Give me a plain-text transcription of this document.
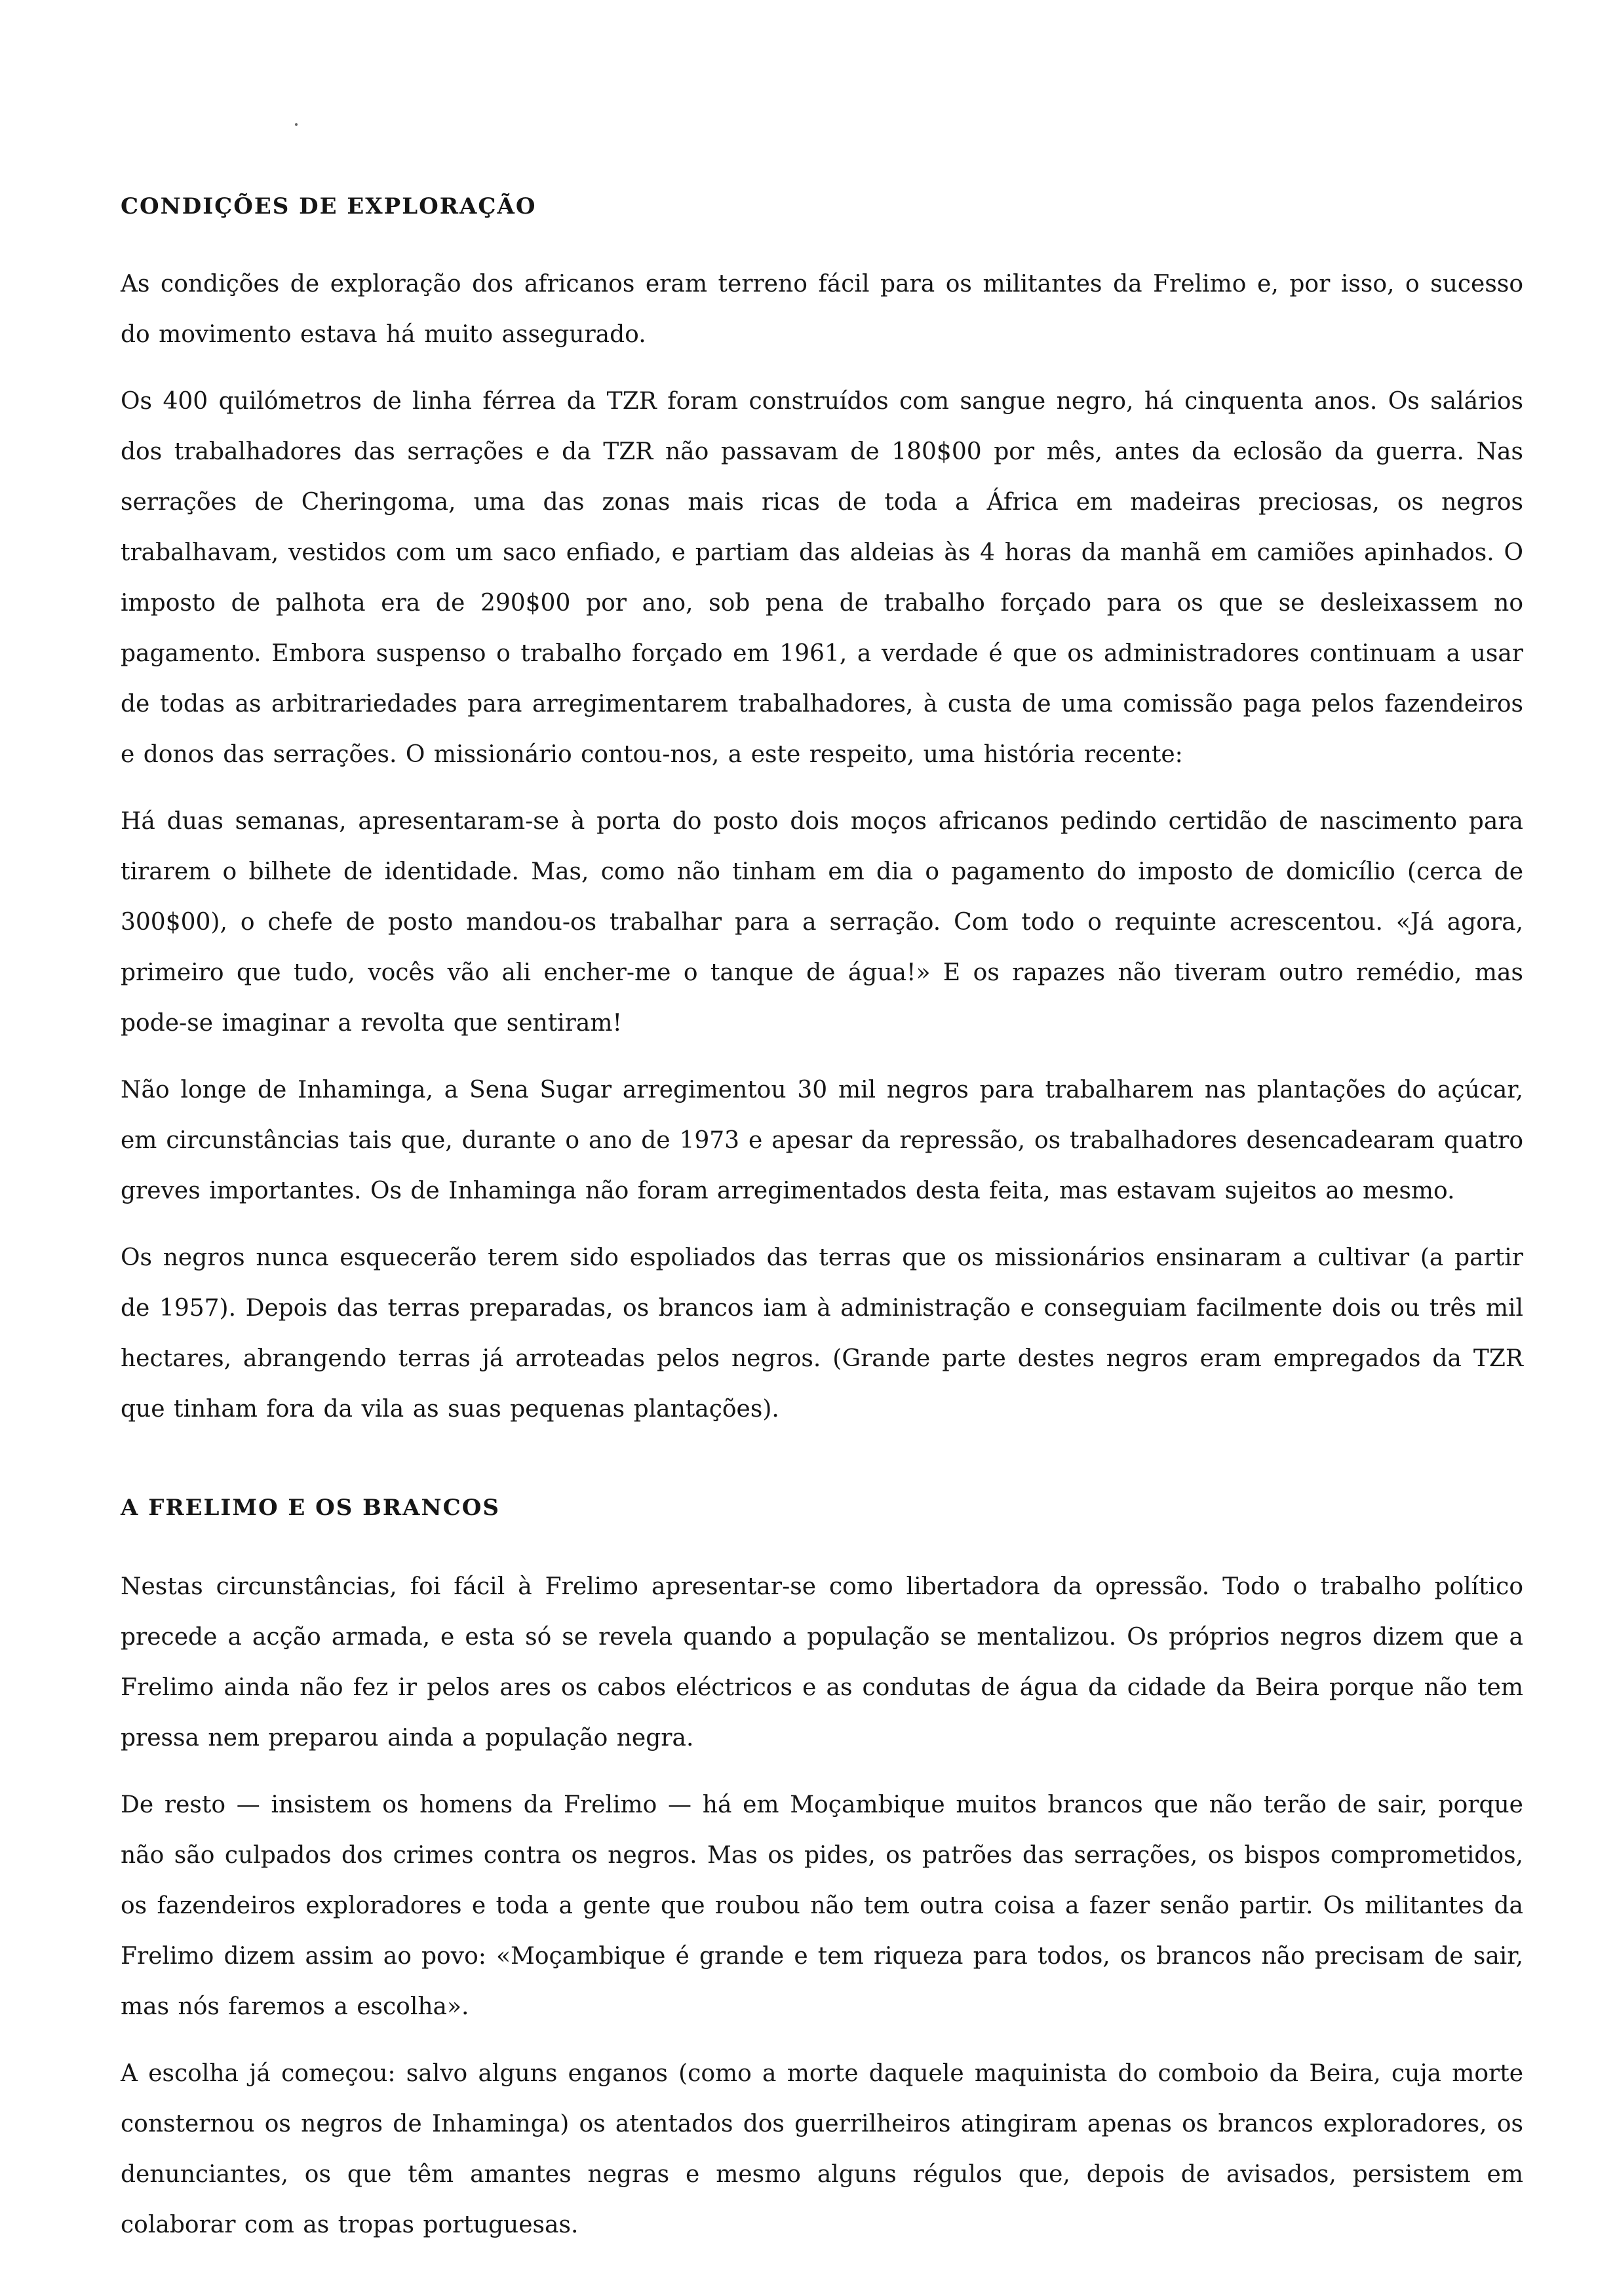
CONDIÇÕES DE EXPLORAÇÃO

As condições de exploração dos africanos eram terreno fácil para os militantes da Frelimo e, por isso, o sucesso do movimento estava há muito assegurado.

Os 400 quilómetros de linha férrea da TZR foram construídos com sangue negro, há cinquenta anos. Os salários dos trabalhadores das serrações e da TZR não passavam de 180$00 por mês, antes da eclosão da guerra. Nas serrações de Cheringoma, uma das zonas mais ricas de toda a África em madeiras preciosas, os negros trabalhavam, vestidos com um saco enfiado, e partiam das aldeias às 4 horas da manhã em camiões apinhados. O imposto de palhota era de 290$00 por ano, sob pena de trabalho forçado para os que se desleixassem no pagamento. Embora suspenso o trabalho forçado em 1961, a verdade é que os administradores continuam a usar de todas as arbitrariedades para arregimentarem trabalhadores, à custa de uma comissão paga pelos fazendeiros e donos das serrações. O missionário contou-nos, a este respeito, uma história recente:

Há duas semanas, apresentaram-se à porta do posto dois moços africanos pedindo certidão de nascimento para tirarem o bilhete de identidade. Mas, como não tinham em dia o pagamento do imposto de domicílio (cerca de 300$00), o chefe de posto mandou-os trabalhar para a serração. Com todo o requinte acrescentou. «Já agora, primeiro que tudo, vocês vão ali encher-me o tanque de água!» E os rapazes não tiveram outro remédio, mas pode-se imaginar a revolta que sentiram!

Não longe de Inhaminga, a Sena Sugar arregimentou 30 mil negros para trabalharem nas plantações do açúcar, em circunstâncias tais que, durante o ano de 1973 e apesar da repressão, os trabalhadores desencadearam quatro greves importantes. Os de Inhaminga não foram arregimentados desta feita, mas estavam sujeitos ao mesmo.

Os negros nunca esquecerão terem sido espoliados das terras que os missionários ensinaram a cultivar (a partir de 1957). Depois das terras preparadas, os brancos iam à administração e conseguiam facilmente dois ou três mil hectares, abrangendo terras já arroteadas pelos negros. (Grande parte destes negros eram empregados da TZR que tinham fora da vila as suas pequenas plantações).

A FRELIMO E OS BRANCOS

Nestas circunstâncias, foi fácil à Frelimo apresentar-se como libertadora da opressão. Todo o trabalho político precede a acção armada, e esta só se revela quando a população se mentalizou. Os próprios negros dizem que a Frelimo ainda não fez ir pelos ares os cabos eléctricos e as condutas de água da cidade da Beira porque não tem pressa nem preparou ainda a população negra.

De resto — insistem os homens da Frelimo — há em Moçambique muitos brancos que não terão de sair, porque não são culpados dos crimes contra os negros. Mas os pides, os patrões das serrações, os bispos comprometidos, os fazendeiros exploradores e toda a gente que roubou não tem outra coisa a fazer senão partir. Os militantes da Frelimo dizem assim ao povo: «Moçambique é grande e tem riqueza para todos, os brancos não precisam de sair, mas nós faremos a escolha».

A escolha já começou: salvo alguns enganos (como a morte daquele maquinista do comboio da Beira, cuja morte consternou os negros de Inhaminga) os atentados dos guerrilheiros atingiram apenas os brancos exploradores, os denunciantes, os que têm amantes negras e mesmo alguns régulos que, depois de avisados, persistem em colaborar com as tropas portuguesas.
